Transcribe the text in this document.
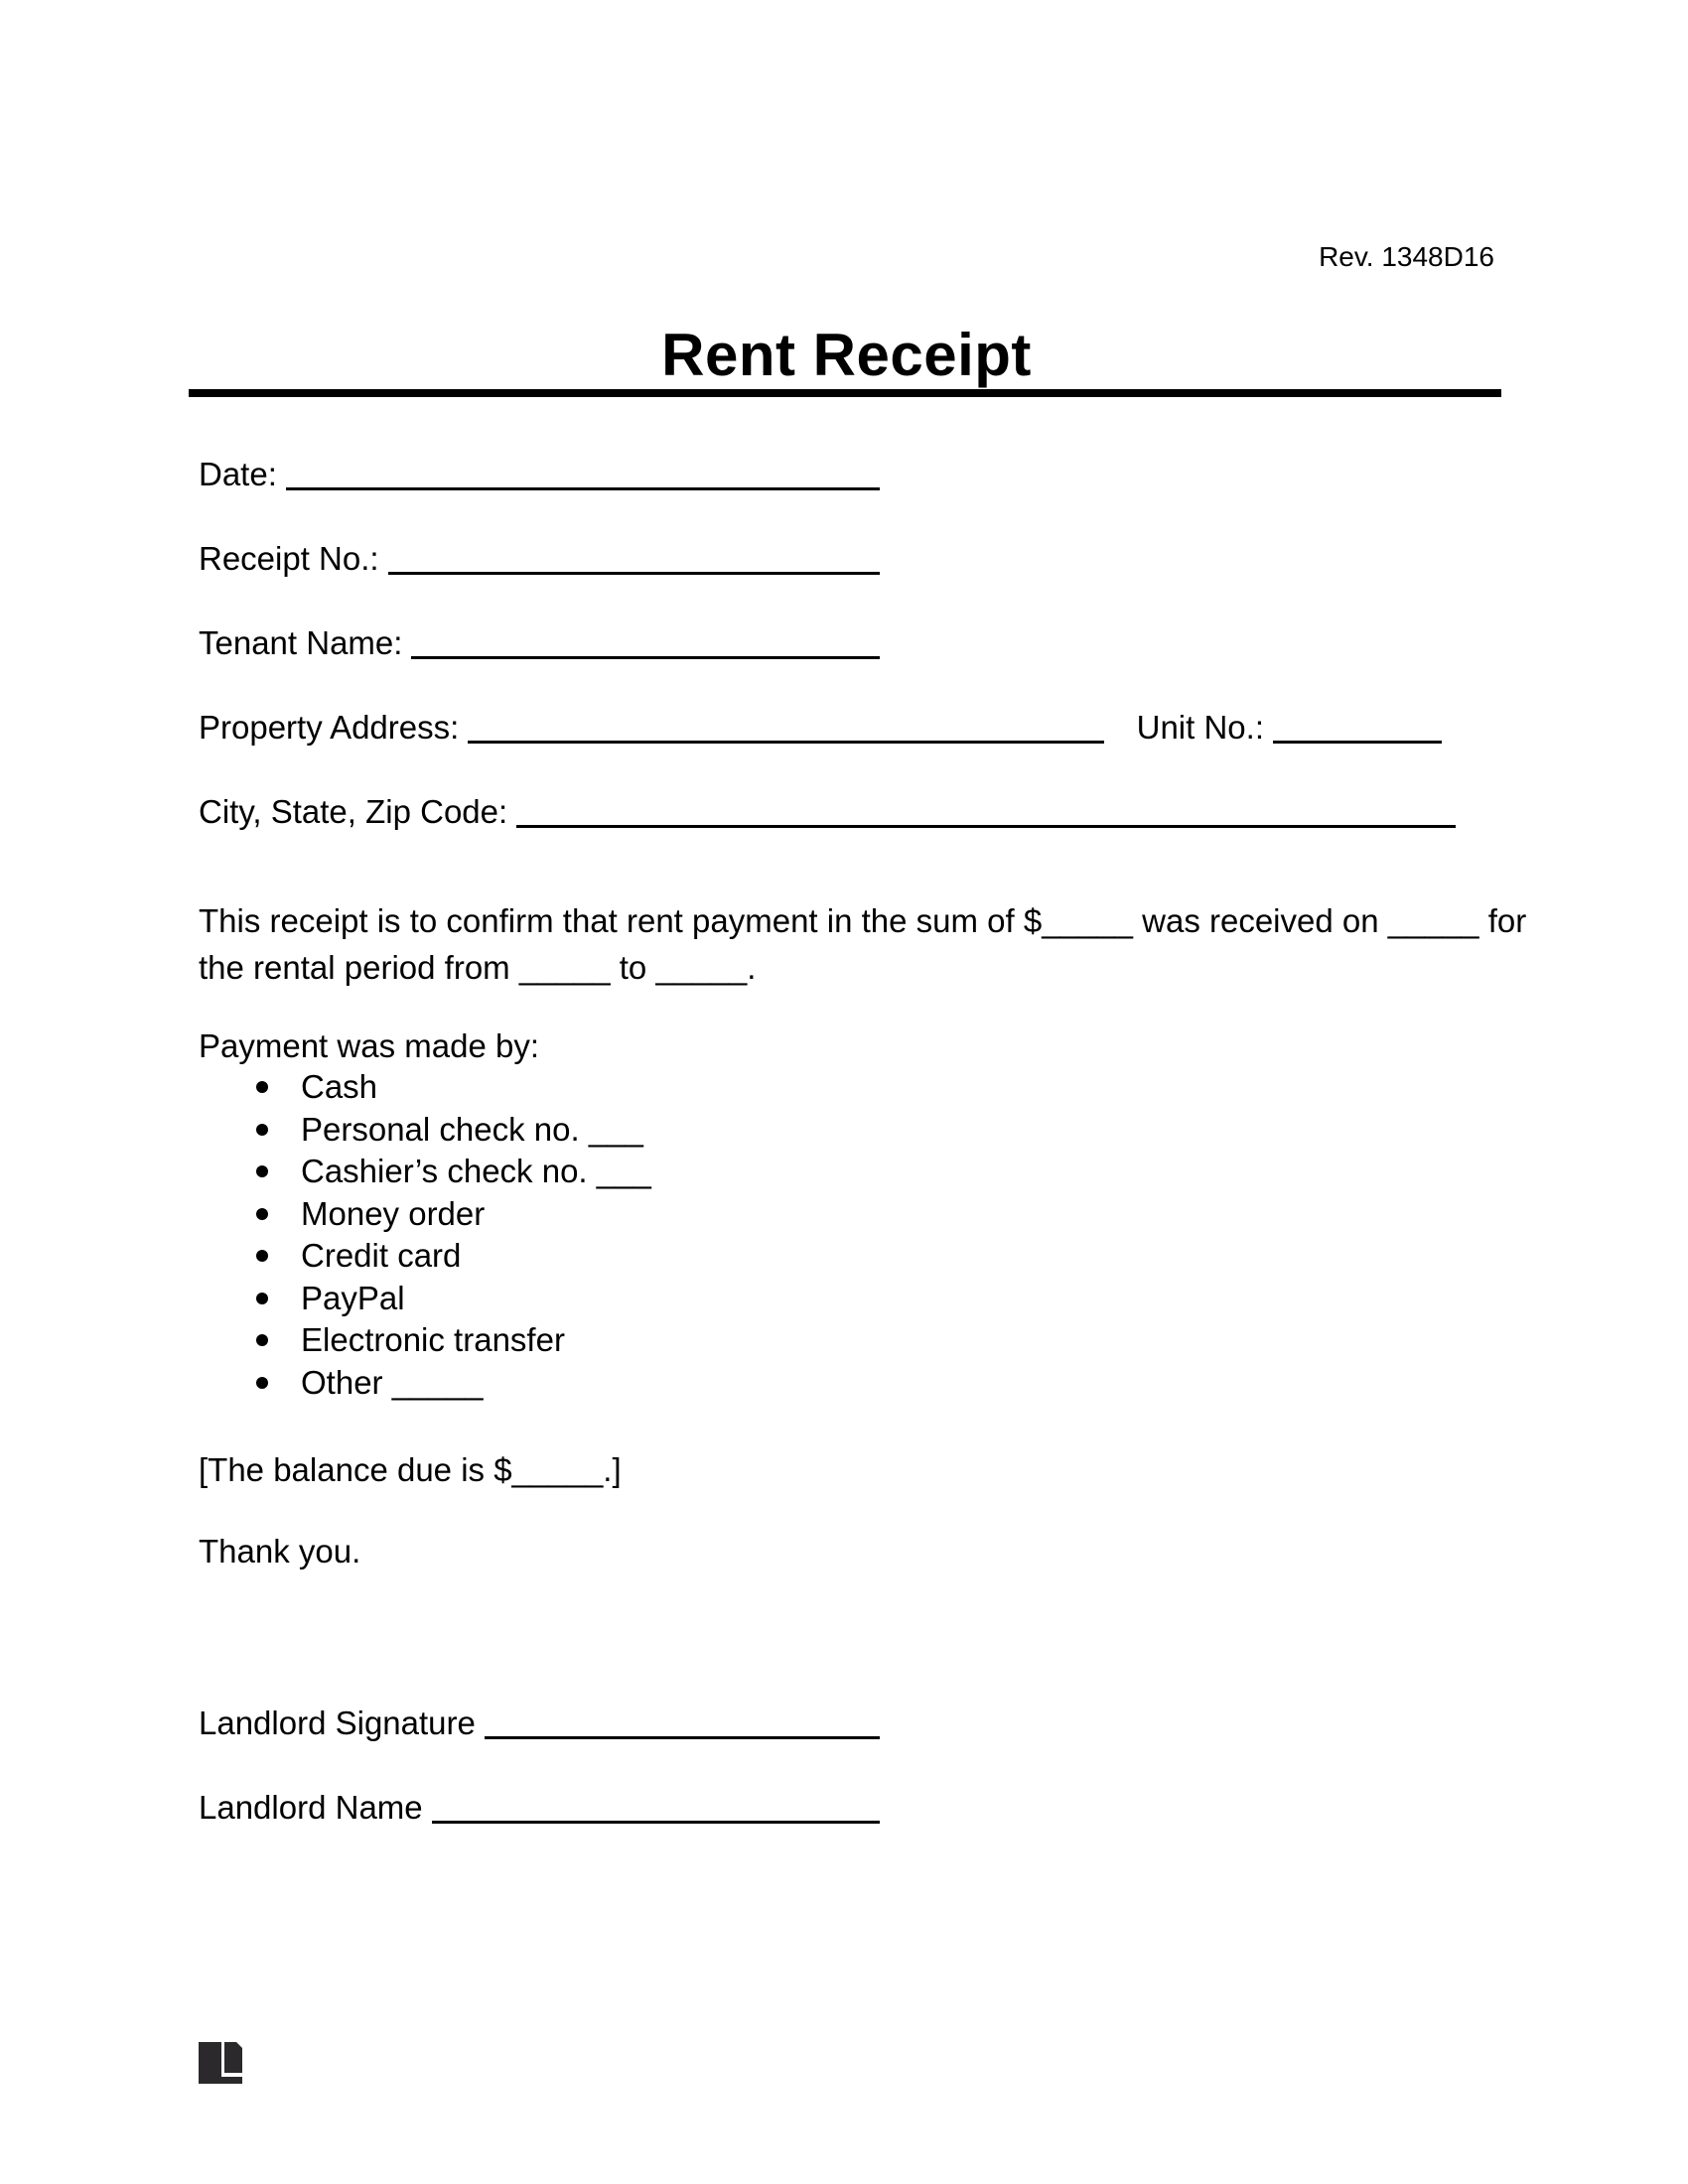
Rev. 1348D16
Rent Receipt
Date:
Receipt No.:
Tenant Name:
Property Address:	Unit No.:
City, State, Zip Code:
This receipt is to confirm that rent payment in the sum of $_____ was received on _____ for
the rental period from _____ to _____.
Payment was made by:
Cash
Personal check no. ___
Cashier’s check no. ___
Money order
Credit card
PayPal
Electronic transfer
Other _____
[The balance due is $_____.]
Thank you.
Landlord Signature
Landlord Name
